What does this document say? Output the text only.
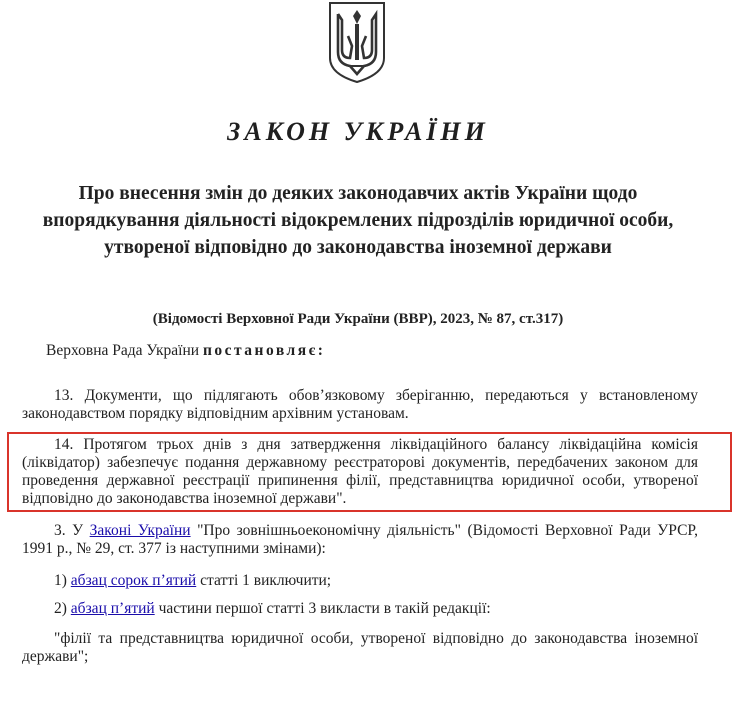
ЗАКОН УКРАЇНИ

Про внесення змін до деяких законодавчих актів України щодо впорядкування діяльності відокремлених підрозділів юридичної особи, утвореної відповідно до законодавства іноземної держави

(Відомості Верховної Ради України (ВВР), 2023, № 87, ст.317)

Верховна Рада України постановляє:

13. Документи, що підлягають обов’язковому зберіганню, передаються у встановленому законодавством порядку відповідним архівним установам.

14. Протягом трьох днів з дня затвердження ліквідаційного балансу ліквідаційна комісія (ліквідатор) забезпечує подання державному реєстраторові документів, передбачених законом для проведення державної реєстрації припинення філії, представництва юридичної особи, утвореної відповідно до законодавства іноземної держави".

3. У Законі України "Про зовнішньоекономічну діяльність" (Відомості Верховної Ради УРСР, 1991 р., № 29, ст. 377 із наступними змінами):

1) абзац сорок п’ятий статті 1 виключити;

2) абзац п’ятий частини першої статті 3 викласти в такій редакції:

"філії та представництва юридичної особи, утвореної відповідно до законодавства іноземної держави";
